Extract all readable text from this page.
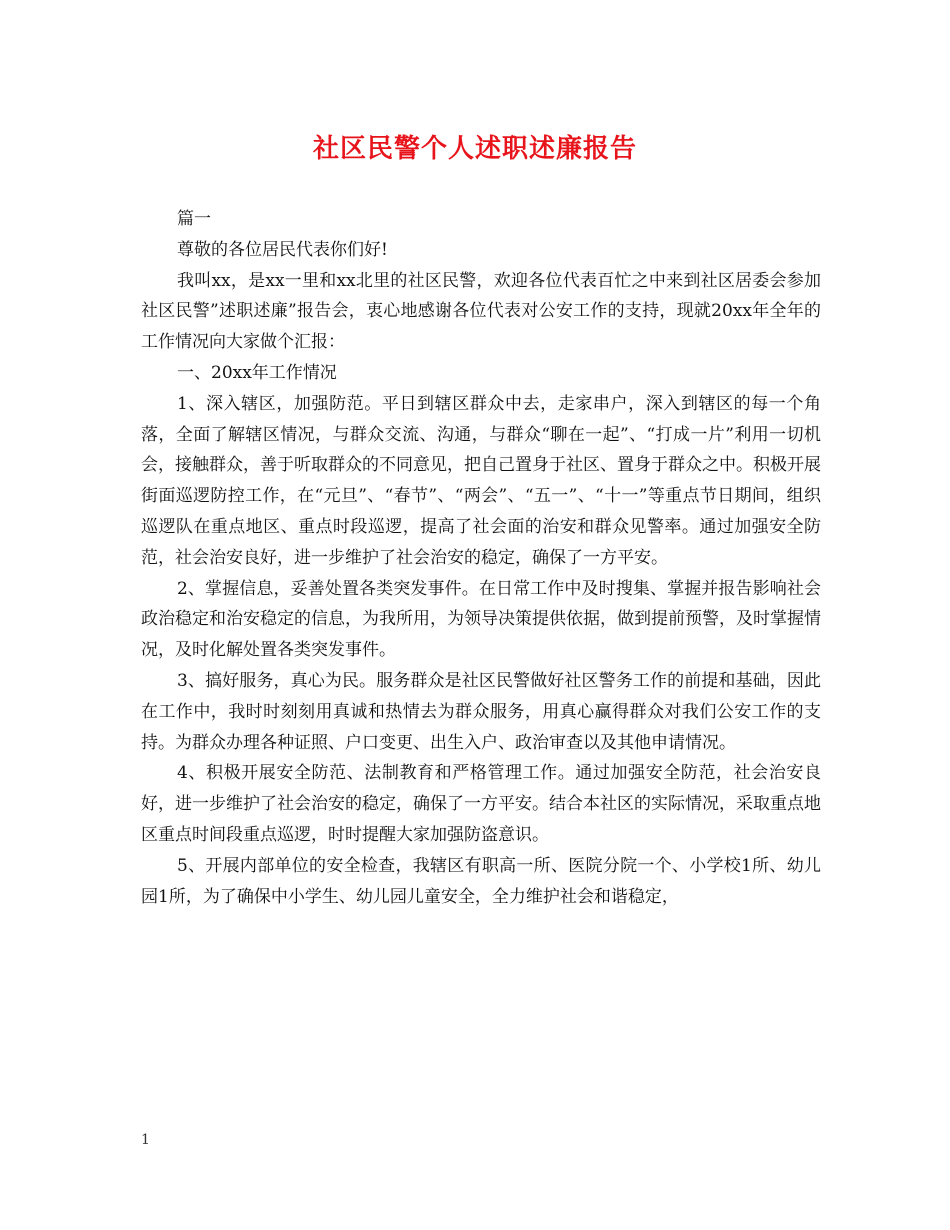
社区民警个人述职述廉报告

篇一

尊敬的各位居民代表你们好!

我叫xx，是xx一里和xx北里的社区民警，欢迎各位代表百忙之中来到社区居委会参加社区民警”述职述廉”报告会，衷心地感谢各位代表对公安工作的支持，现就20xx年全年的工作情况向大家做个汇报：

一、20xx年工作情况

1、深入辖区，加强防范。平日到辖区群众中去，走家串户，深入到辖区的每一个角落，全面了解辖区情况，与群众交流、沟通，与群众“聊在一起”、“打成一片”利用一切机会，接触群众，善于听取群众的不同意见，把自己置身于社区、置身于群众之中。积极开展街面巡逻防控工作，在“元旦”、“春节”、“两会”、“五一”、“十一”等重点节日期间，组织巡逻队在重点地区、重点时段巡逻，提高了社会面的治安和群众见警率。通过加强安全防范，社会治安良好，进一步维护了社会治安的稳定，确保了一方平安。

2、掌握信息，妥善处置各类突发事件。在日常工作中及时搜集、掌握并报告影响社会政治稳定和治安稳定的信息，为我所用，为领导决策提供依据，做到提前预警，及时掌握情况，及时化解处置各类突发事件。

3、搞好服务，真心为民。服务群众是社区民警做好社区警务工作的前提和基础，因此在工作中，我时时刻刻用真诚和热情去为群众服务，用真心赢得群众对我们公安工作的支持。为群众办理各种证照、户口变更、出生入户、政治审查以及其他申请情况。

4、积极开展安全防范、法制教育和严格管理工作。通过加强安全防范，社会治安良好，进一步维护了社会治安的稳定，确保了一方平安。结合本社区的实际情况，采取重点地区重点时间段重点巡逻，时时提醒大家加强防盗意识。

5、开展内部单位的安全检查，我辖区有职高一所、医院分院一个、小学校1所、幼儿园1所，为了确保中小学生、幼儿园儿童安全，全力维护社会和谐稳定，

1
